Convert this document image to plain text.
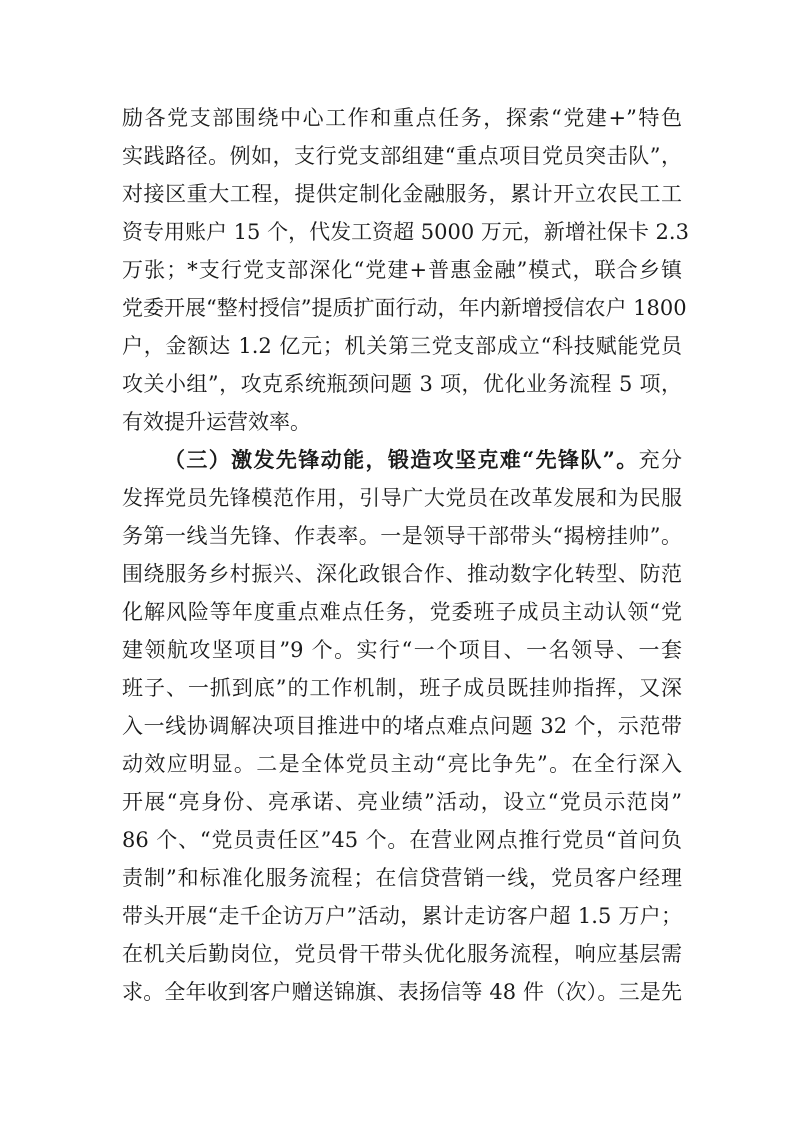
励各党支部围绕中心工作和重点任务，探索“党建+”特色
实践路径。例如，支行党支部组建“重点项目党员突击队”，
对接区重大工程，提供定制化金融服务，累计开立农民工工
资专用账户 15 个，代发工资超 5000 万元，新增社保卡 2.3
万张；*支行党支部深化“党建+普惠金融”模式，联合乡镇
党委开展“整村授信”提质扩面行动，年内新增授信农户 1800
户，金额达 1.2 亿元；机关第三党支部成立“科技赋能党员
攻关小组”，攻克系统瓶颈问题 3 项，优化业务流程 5 项，
有效提升运营效率。
（三）激发先锋动能，锻造攻坚克难“先锋队”。充分
发挥党员先锋模范作用，引导广大党员在改革发展和为民服
务第一线当先锋、作表率。一是领导干部带头“揭榜挂帅”。
围绕服务乡村振兴、深化政银合作、推动数字化转型、防范
化解风险等年度重点难点任务，党委班子成员主动认领“党
建领航攻坚项目”9 个。实行“一个项目、一名领导、一套
班子、一抓到底”的工作机制，班子成员既挂帅指挥，又深
入一线协调解决项目推进中的堵点难点问题 32 个，示范带
动效应明显。二是全体党员主动“亮比争先”。在全行深入
开展“亮身份、亮承诺、亮业绩”活动，设立“党员示范岗”
86 个、“党员责任区”45 个。在营业网点推行党员“首问负
责制”和标准化服务流程；在信贷营销一线，党员客户经理
带头开展“走千企访万户”活动，累计走访客户超 1.5 万户；
在机关后勤岗位，党员骨干带头优化服务流程，响应基层需
求。全年收到客户赠送锦旗、表扬信等 48 件（次）。三是先
